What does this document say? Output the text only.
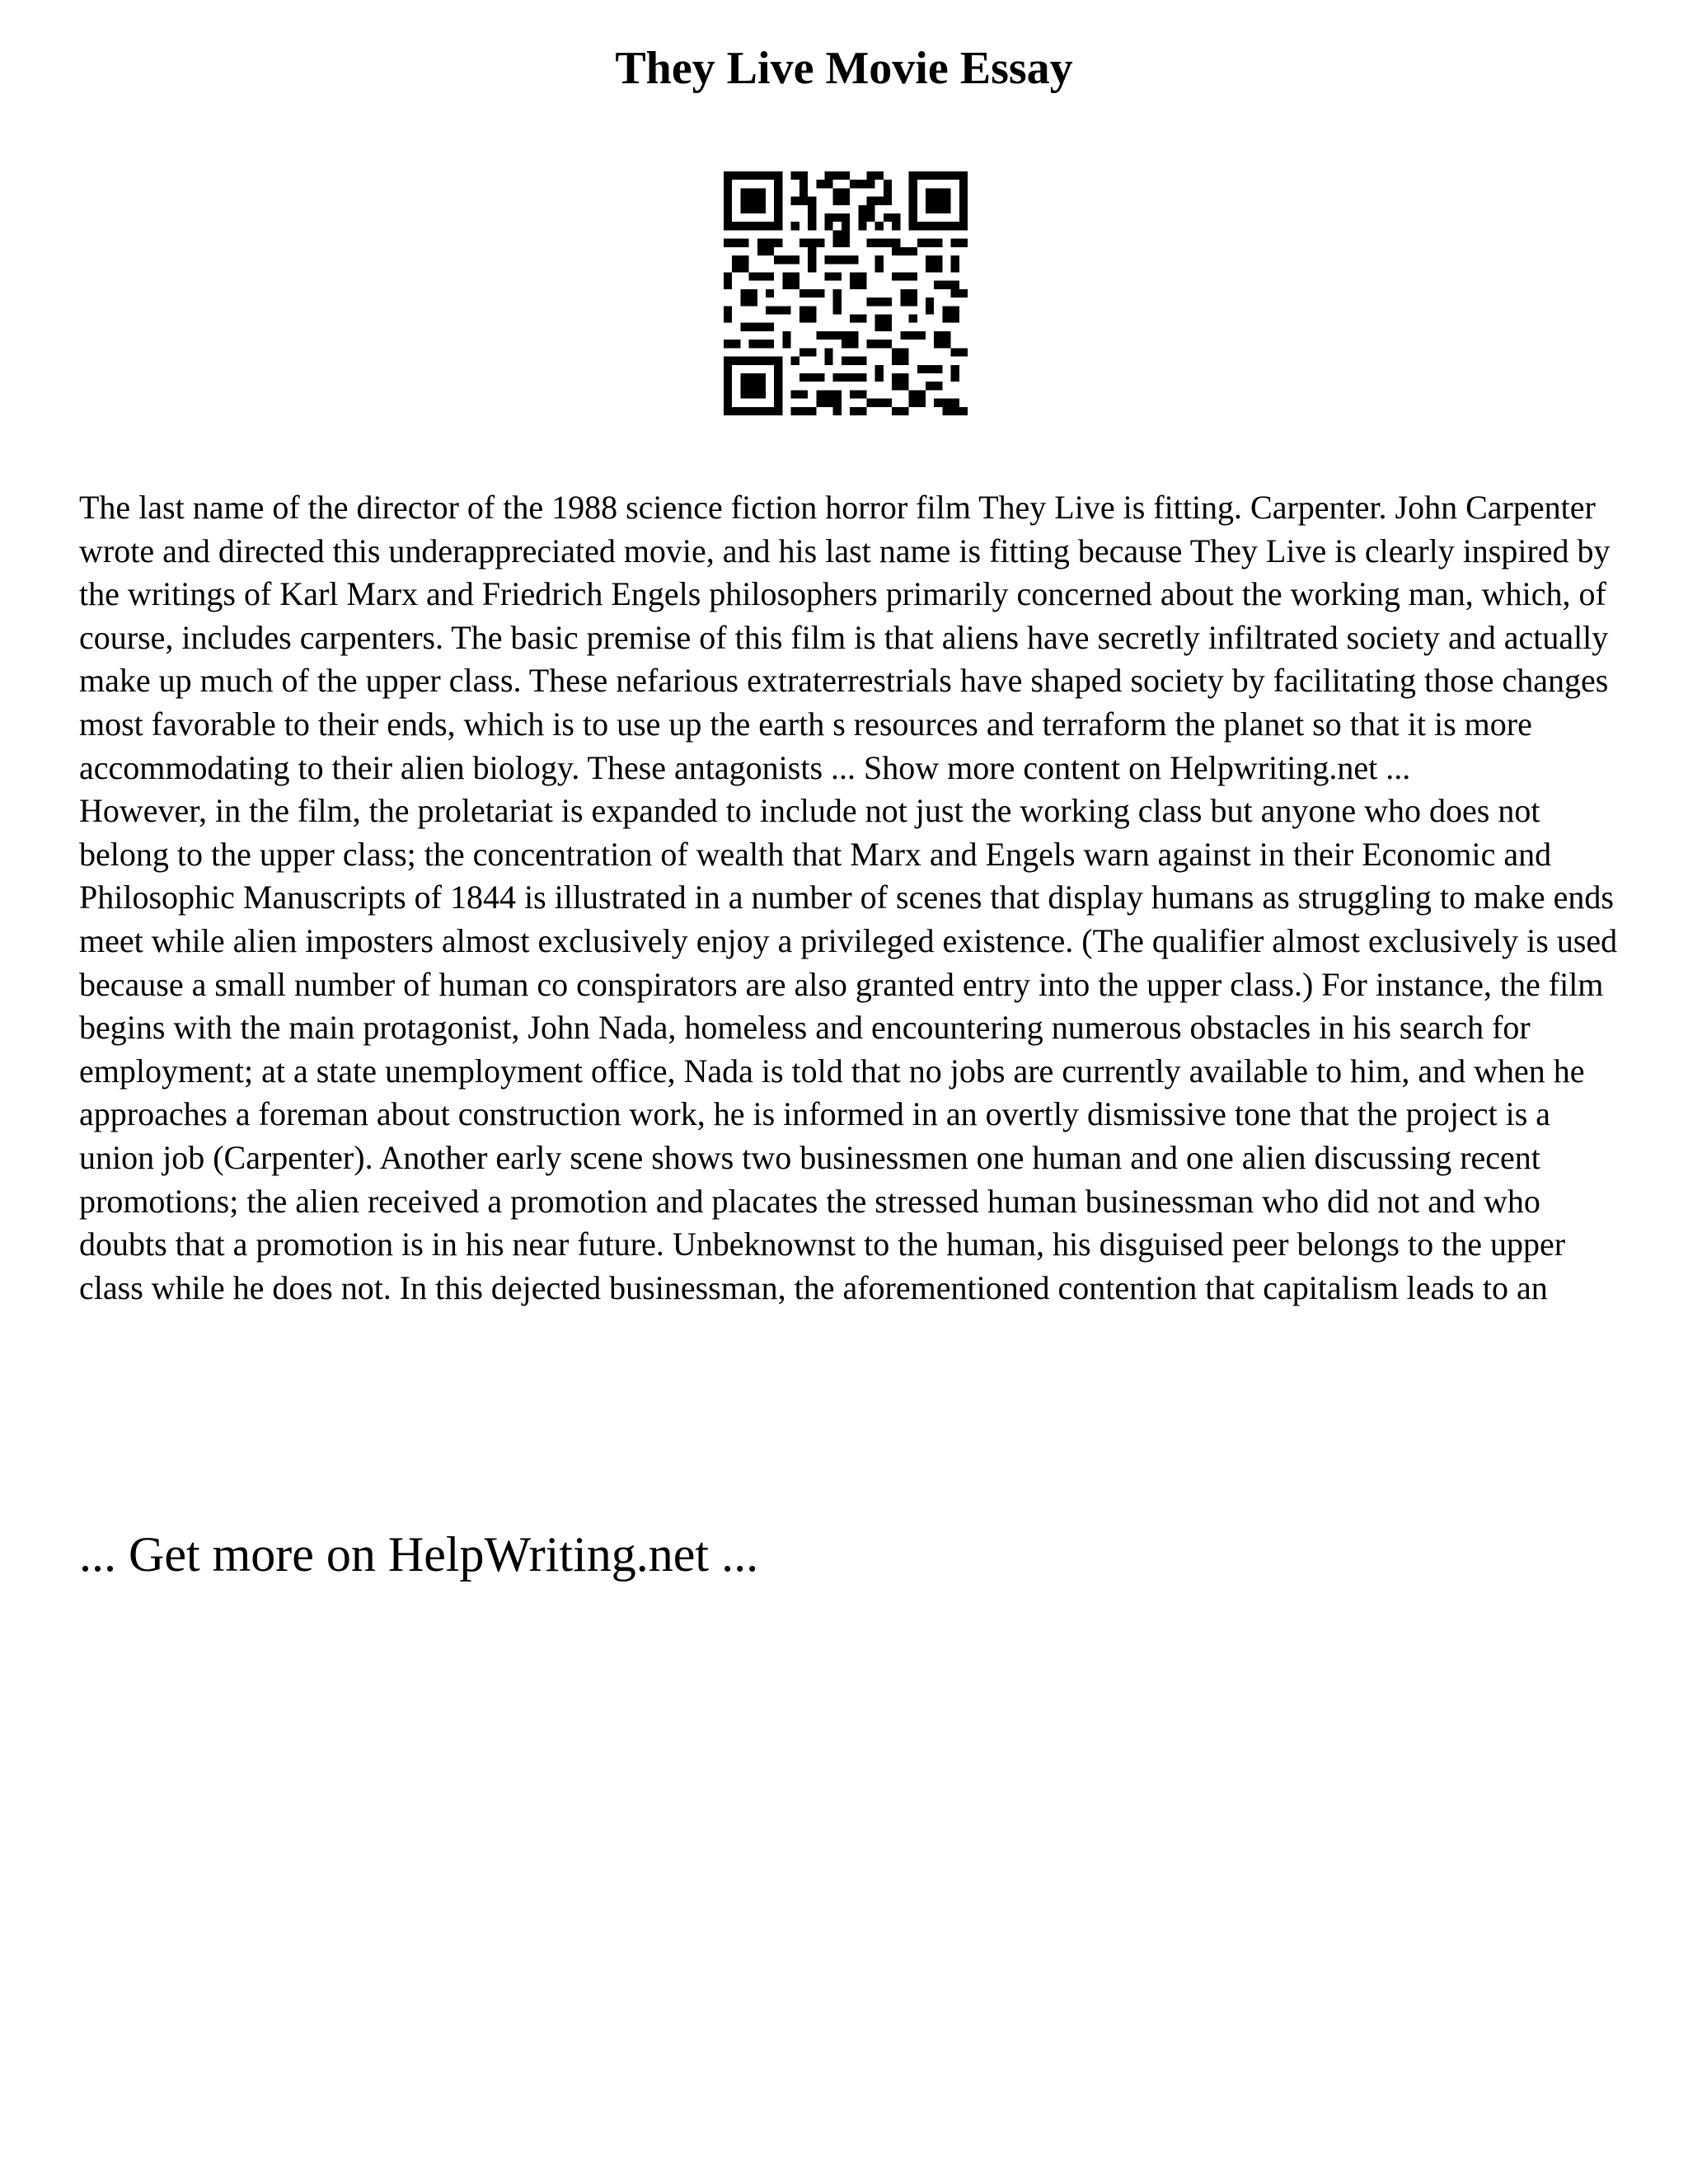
They Live Movie Essay

The last name of the director of the 1988 science fiction horror film They Live is fitting. Carpenter. John Carpenter wrote and directed this underappreciated movie, and his last name is fitting because They Live is clearly inspired by the writings of Karl Marx and Friedrich Engels philosophers primarily concerned about the working man, which, of course, includes carpenters. The basic premise of this film is that aliens have secretly infiltrated society and actually make up much of the upper class. These nefarious extraterrestrials have shaped society by facilitating those changes most favorable to their ends, which is to use up the earth s resources and terraform the planet so that it is more accommodating to their alien biology. These antagonists ... Show more content on Helpwriting.net ...

However, in the film, the proletariat is expanded to include not just the working class but anyone who does not belong to the upper class; the concentration of wealth that Marx and Engels warn against in their Economic and Philosophic Manuscripts of 1844 is illustrated in a number of scenes that display humans as struggling to make ends meet while alien imposters almost exclusively enjoy a privileged existence. (The qualifier almost exclusively is used because a small number of human co conspirators are also granted entry into the upper class.) For instance, the film begins with the main protagonist, John Nada, homeless and encountering numerous obstacles in his search for employment; at a state unemployment office, Nada is told that no jobs are currently available to him, and when he approaches a foreman about construction work, he is informed in an overtly dismissive tone that the project is a union job (Carpenter). Another early scene shows two businessmen one human and one alien discussing recent promotions; the alien received a promotion and placates the stressed human businessman who did not and who doubts that a promotion is in his near future. Unbeknownst to the human, his disguised peer belongs to the upper class while he does not. In this dejected businessman, the aforementioned contention that capitalism leads to an

... Get more on HelpWriting.net ...
